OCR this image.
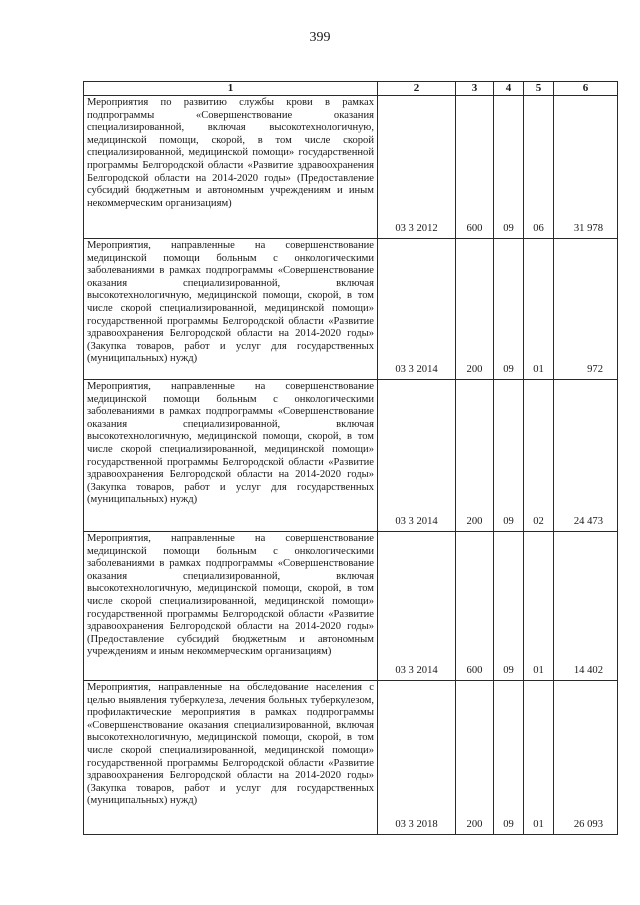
399
1	2	3	4	5	6
Мероприятия по развитию службы крови в рамках подпрограммы «Совершенствование оказания специализированной, включая высокотехнологичную, медицинской помощи, скорой, в том числе скорой специализированной, медицинской помощи» государственной программы Белгородской области «Развитие здравоохранения Белгородской области на 2014-2020 годы» (Предоставление субсидий бюджетным и автономным учреждениям и иным некоммерческим организациям)	03 3 2012	600	09	06	31 978
Мероприятия, направленные на совершенствование медицинской помощи больным с онкологическими заболеваниями в рамках подпрограммы «Совершенствование оказания специализированной, включая высокотехнологичную, медицинской помощи, скорой, в том числе скорой специализированной, медицинской помощи» государственной программы Белгородской области «Развитие здравоохранения Белгородской области на 2014-2020 годы» (Закупка товаров, работ и услуг для государственных (муниципальных) нужд)	03 3 2014	200	09	01	972
Мероприятия, направленные на совершенствование медицинской помощи больным с онкологическими заболеваниями в рамках подпрограммы «Совершенствование оказания специализированной, включая высокотехнологичную, медицинской помощи, скорой, в том числе скорой специализированной, медицинской помощи» государственной программы Белгородской области «Развитие здравоохранения Белгородской области на 2014-2020 годы» (Закупка товаров, работ и услуг для государственных (муниципальных) нужд)	03 3 2014	200	09	02	24 473
Мероприятия, направленные на совершенствование медицинской помощи больным с онкологическими заболеваниями в рамках подпрограммы «Совершенствование оказания специализированной, включая высокотехнологичную, медицинской помощи, скорой, в том числе скорой специализированной, медицинской помощи» государственной программы Белгородской области «Развитие здравоохранения Белгородской области на 2014-2020 годы» (Предоставление субсидий бюджетным и автономным учреждениям и иным некоммерческим организациям)	03 3 2014	600	09	01	14 402
Мероприятия, направленные на обследование населения с целью выявления туберкулеза, лечения больных туберкулезом, профилактические мероприятия в рамках подпрограммы «Совершенствование оказания специализированной, включая высокотехнологичную, медицинской помощи, скорой, в том числе скорой специализированной, медицинской помощи» государственной программы Белгородской области «Развитие здравоохранения Белгородской области на 2014-2020 годы» (Закупка товаров, работ и услуг для государственных (муниципальных) нужд)	03 3 2018	200	09	01	26 093
